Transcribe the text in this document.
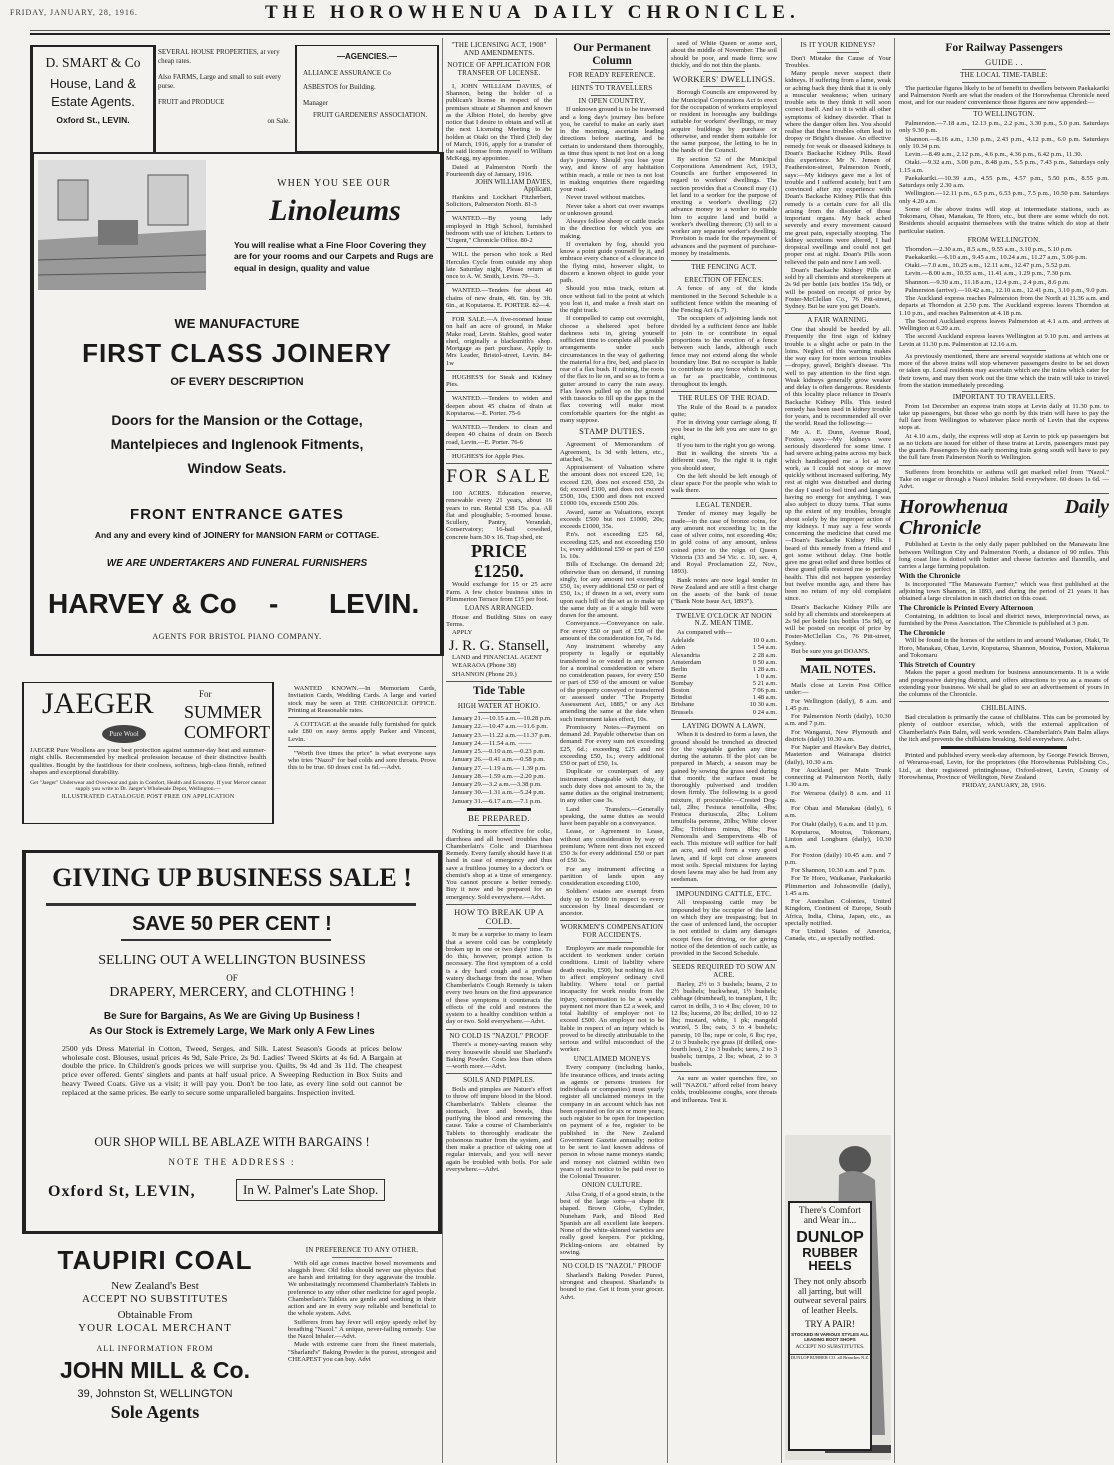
FRIDAY, JANUARY, 28, 1916.	THE HOROWHENUA DAILY CHRONICLE.
D. SMART & Co
House, Land &
Estate Agents.
Oxford St., LEVIN.
SEVERAL HOUSE PROPERTIES, at very cheap rates.
Also FARMS, Large and small to suit every purse.
FRUIT and PRODUCE
on Sale.
—AGENCIES.—
ALLIANCE ASSURANCE Co
ASBESTOS for Building.
Manager
FRUIT GARDENERS' ASSOCIATION.
WHEN YOU SEE OUR
Linoleums
You will realise what a Fine Floor Covering they are for your rooms and our Carpets and Rugs are equal in design, quality and value
WE MANUFACTURE
FIRST CLASS JOINERY
OF EVERY DESCRIPTION
Doors for the Mansion or the Cottage,
Mantelpieces and Inglenook Fitments,
Window Seats.
FRONT ENTRANCE GATES
And any and every kind of JOINERY for MANSION FARM or COTTAGE.
WE ARE UNDERTAKERS AND FUNERAL FURNISHERS
HARVEY & Co - LEVIN.
AGENTS FOR BRISTOL PIANO COMPANY.
JAEGER
Pure Wool
For
SUMMER
COMFORT
JAEGER Pure Woollens are your best protection against summer-day heat and summer-night chills. Recommended by medical profession because of their distinctive health qualities. Bought by the fastidious for their coolness, softness, high-class finish, refined shapes and exceptional durability.
Get "Jaeger" Underwear and Overwear and gain in Comfort, Health and Economy. If your Mercer cannot supply you write to Dr. Jaeger's Wholesale Depot, Wellington.—
ILLUSTRATED CATALOGUE POST FREE ON APPLICATION
WANTED KNOWN.—In Memoriam Cards, Invitation Cards, Wedding Cards. A large and varied stock may be seen at THE CHRONICLE OFFICE. Printing at Reasonable rates.
A COTTAGE at the seaside fully furnished for quick sale £80 on easy terms apply Parker and Vincent, Levin.
"Worth five times the price" is what everyone says who tries "Nazol" for bad colds and sore throats. Prove this to be true. 60 doses cost 1s 6d.—Advt.
GIVING UP BUSINESS SALE !
SAVE 50 PER CENT !
SELLING OUT A WELLINGTON BUSINESS
OF
DRAPERY, MERCERY, and CLOTHING !
Be Sure for Bargains, As We are Giving Up Business !
As Our Stock is Extremely Large, We Mark only A Few Lines
2500 yds Dress Material in Cotton, Tweed, Serges, and Silk. Latest Season's Goods at prices below wholesale cost. Blouses, usual prices 4s 9d, Sale Price, 2s 9d. Ladies' Tweed Skirts at 4s 6d. A Bargain at double the price. In Children's goods prices we will surprise you. Quilts, 9s 4d and 3s 11d. The cheapest price ever offered. Gents' singlets and pants at half usual price. A Sweeping Reduction in Box Suits and heavy Tweed Coats. Give us a visit; it will pay you. Don't be too late, as every line sold out cannot be replaced at the same prices. Be early to secure some unparalleled bargains. Inspection invited.
OUR SHOP WILL BE ABLAZE WITH BARGAINS !
NOTE THE ADDRESS :
Oxford St, LEVIN,	In W. Palmer's Late Shop.
TAUPIRI COAL
New Zealand's Best
ACCEPT NO SUBSTITUTES
Obtainable From
YOUR LOCAL MERCHANT
ALL INFORMATION FROM
JOHN MILL & Co.
39, Johnston St, WELLINGTON
Sole Agents
IN PREFERENCE TO ANY OTHER.
With old age comes inactive bowel movements and sluggish liver. Old folks should never use physics that are harsh and irritating for they aggravate the trouble. We unhesitatingly recommend Chamberlain's Tablets in preference to any other other medicine for aged people. Chamberlain's Tablets are gentle and soothing in their action and are in every way reliable and beneficial to the whole system. Advt.
Sufferers from hay fever will enjoy speedy relief by breathing "Nazol." A unique, never-failing remedy. Use the Nazol Inhaler.—Advt.
Made with extreme care from the finest materials, "Sharland's" Baking Powder is the purest, strongest and CHEAPEST you can buy. Advt
"THE LICENSING ACT, 1908" AND AMENDMENTS.
NOTICE OF APPLICATION FOR TRANSFER OF LICENSE.
I, JOHN WILLIAM DAVIES, of Shannon, being the holder of a publican's license in respect of the premises situate at Shannon and known as the Albion Hotel, do hereby give notice that I desire to obtain and will at the next Licensing Meeting to be holden at Otaki on the Third (3rd) day of March, 1916, apply for a transfer of the said license from myself to William McKegg, my appointee.
Dated at Palmerston North the Fourteenth day of January, 1916.
JOHN WILLIAM DAVIES, Applicant.
Hankins and Lockhart Fitzherbert, Solicitors, Palmerston North. 81-3
WANTED.—By young lady employed in High School, furnished bedroom with use of kitchen. Letters to "Urgent," Chronicle Office. 80-2
WILL the person who took a Red Hercules Cycle from outside my shop late Saturday night, Please return at once to A. W. Smith, Levin. 79—3.
WANTED.—Tenders for about 40 chains of new drain, 4ft. 6in. by 3ft. 6in., at Koputaroa. E. PORTER. 82—4.
FOR SALE.—A five-roomed house on half an acre of ground, in Make Make road, Levin. Stables, good water shed, originally a blacksmith's shop. Mortgage as part purchase. Apply to Mrs Leader, Bristol-street, Levin. 84-1w
HUGHES'S for Steak and Kidney Pies.
WANTED.—Tenders to widen and deepen about 45 chains of drain at Koputaroa.—E. Porter. 75-6
WANTED.—Tenders to clean and deepen 40 chains of drain on Beech road, Levin.—E. Porter. 76-6
HUGHES'S for Apple Pies.
FOR SALE
100 ACRES. Education reserve, renewable every 21 years, about 16 years to run. Rental £38 15s. p.a. All flat and ploughable; 5-roomed house. Scullery, Pantry, Verandah, Conservatory; 16-bail cowshed, concrete barn 30 x 16. Trap shed, etc
PRICE £1250.
Would exchange for 15 or 25 acre Farm. A few choice business sites in Plimmerton Terrace from £15 per foot.
LOANS ARRANGED.
House and Building Sites on easy Terms.
APPLY
J. R. G. Stansell,
LAND and FINANCIAL AGENT
WEARAOA (Phone 38)
SHANNON (Phone 29.)
Tide Table
HIGH WATER AT HOKIO.
January 21.—10.15 a.m.—10.28 p.m.
January 22.—10.47 a.m.—11.6 p.m.
January 23.—11.22 a.m.—11.37 p.m.
January 24.—11.54 a.m. ——
January 25.—0.10 a.m.—0.23 p.m.
January 26.—0.41 a.m.—0.58 p.m.
January 27.—1.19 a.m.— 1.39 p.m.
January 28.—1.59 a.m.—2.20 p.m.
January 29.—3.2 a.m.—3.38 p.m.
January 30.—1.31 a.m.—5.24 p.m.
January 31.—6.17 a.m.—7.1 p.m.
BE PREPARED.
Nothing is more effective for colic, diarrhoea and all bowel troubles than Chamberlain's Colic and Diarrhoea Remedy. Every family should have it at hand in case of emergency and thus save a fruitless journey to a doctor's or chemist's shop at a time of emergency. You cannot procure a better remedy. Buy it now and be prepared for an emergency. Sold everywhere.—Advt.
HOW TO BREAK UP A COLD.
It may be a surprise to many to learn that a severe cold can be completely broken up in one or two days' time. To do this, however, prompt action is necessary. The first symptom of a cold is a dry hard cough and a profuse watery discharge from the nose. When Chamberlain's Cough Remedy is taken every two hours on the first appearance of these symptoms it counteracts the effects of the cold and restores the system to a healthy condition within a day or two. Sold everywhere.—Advt.
NO COLD IS "NAZOL" PROOF
There's a money-saving reason why every housewife should use Sharland's Baking Powder. Costs less than others—worth more.—Advt.
SOILS AND PIMPLES.
Boils and pimples are Nature's effort to throw off impure blood in the blood. Chamberlain's Tablets cleanse the stomach, liver and bowels, thus purifying the blood and removing the cause. Take a course of Chamberlain's Tablets to thoroughly eradicate the poisonous matter from the system, and then make a practice of taking one at regular intervals, and you will never again be troubled with boils. For sale everywhere.—Advt.
Our Permanent Column
FOR READY REFERENCE.
HINTS TO TRAVELLERS
IN OPEN COUNTRY.
If unknown ground is to be traversed and a long day's journey lies before you, be careful to make an early start in the morning, ascertain leading directions before starting, and be certain to understand them thoroughly, as time thus spent is not lost on a long day's journey. Should you lose your way, and know of any habitation within reach, a mile or two is not lost in making enquiries there regarding your road.
Never travel without matches.
Never take a short cut over swamps or unknown ground.
Always follow sheep or cattle tracks in the direction for which you are making.
If overtaken by fog, should you know a point guide yourself by it, and embrace every chance of a clearance in the flying mist, however slight, to discern a known object to guide your path.
Should you miss track, return at once without fail to the point at which you lost it, and make a fresh start on the right track.
If compelled to camp out overnight, choose a sheltered spot before darkness sets in, giving yourself sufficient time to complete all possible arrangements under such circumstances in the way of gathering the material for a fire, bed, and place in rear of a flax bush. If raining, the roots of the flax to lie on, and so as to form a gutter around to carry the rain away. Flax leaves pulled up on the ground with tussocks to fill up the gaps in the flax covering will make most comfortable quarters for the night as many suppose.
STAMP DUTIES.
Agreement of Memorandum of Agreement, 1s 3d with letters, etc., attached, 3s.
Appraisement of Valuation where the amount does not exceed £20, 1s; exceed £20, does not exceed £50, 2s 6d; exceed £100, and does not exceed £500, 10s, £300 and does not exceed £1000 10s, exceeds £500 20s.
Award, same as Valuations, except exceeds £500 but not £1000, 20s; exceeds £1000, 35s.
P.n's. not exceeding £25 6d, exceeding £25, and not exceeding £50 1s, every additional £50 or part of £50 1s. 10s.
Bills of Exchange. On demand 2d; otherwise than on demand, if running singly, for any amount not exceeding £50, 1s; every additional £50 or part of £50, 1s.; if drawn in a set, every sum upon each bill of the set as to make up the same duty as if a single bill were drawn for the amount.
Conveyance.—Conveyance on sale. For every £50 or part of £50 of the amount of the consideration for, 7s 6d.
Any instrument whereby any property is legally or equitably transferred to or vested in any person for a nominal consideration or where no consideration passes, for every £50 or part of £50 of the amount or value of the property conveyed or transferred or assessed under "The Property Assessment Act, 1885," or any Act amending the same at the date when such instrument takes effect, 10s.
Promissory Notes.—Payment on demand 2d. Payable otherwise than on demand: For every sum not exceeding £25, 6d.; exceeding £25 and not exceeding £50, 1s.; every additional £50 or part of £50, 1s.
Duplicate or counterpart of any instrument chargeable with duty, if such duty does not amount to 3s, the same duties as the original instrument; in any other case 3s.
Land Transfers.—Generally speaking, the same duties as would have been payable on a conveyance.
Lease, or Agreement to Lease, without any consideration by way of premium; Where rent does not exceed £50 3s for every additional £50 or part of £50 3s.
For any instrument affecting a partition of lands upon any consideration exceeding £100,
Soldiers' estates are exempt from duty up to £5000 in respect to every succession by lineal descendant or ancestor.
WORKMEN'S COMPENSATION FOR ACCIDENTS.
Employers are made responsible for accident to workmen under certain conditions. Limit of liability where death results, £500, but nothing in Act to affect employers' ordinary civil liability. Where total or partial incapacity for work results from the injury, compensation to be a weekly payment not more than £2 a week, and total liability of employer not to exceed £500. An employer not to be liable in respect of an injury which is proved to be directly attributable to the serious and wilful misconduct of the worker.
UNCLAIMED MONEYS
Every company (including banks, life insurance offices, and trusts acting as agents or persons trustees for individuals or companies) must yearly register all unclaimed moneys in the company in an account which has not been operated on for six or more years; such register to be open for inspection on payment of a fee, register to be published in the New Zealand Government Gazette annually; notice to be sent to last known address of person in whose name moneys stands; and money not claimed within two years of such notice to be paid over to the Colonial Treasurer.
ONION CULTURE.
Ailsa Craig, if of a good strain, is the best of the large sorts—a shape fit shaped. Brown Globe, Cylinder, Nuneham Park, and Blood Red Spanish are all excellent late keepers. None of the white-skinned varieties are really good keepers. For pickling, Pickling-onions are obtained by sowing.
NO COLD IS "NAZOL" PROOF
Sharland's Baking Powder. Purest, strongest and cheapest. Sharland's is bound to rise. Get it from your grocer. Advt.
seed of White Queen or some sort, about the middle of November. The soil should be poor, and made firm; sow thickly, and do not thin the plants.
WORKERS' DWELLINGS.
Borough Councils are empowered by the Municipal Corporations Act to erect for the occupation of workers employed or resident in boroughs any buildings suitable for workers' dwellings, or may acquire buildings by purchase or otherwise, and render them suitable for the same purpose, the letting to be in the hands of the Council.
By section 52 of the Municipal Corporations Amendment Act, 1913, Councils are further empowered in regard to workers' dwellings. The section provides that a Council may (1) let land to a worker for the purpose of erecting a worker's dwelling; (2) advance money to a worker to enable him to acquire land and build a worker's dwelling thereon; (3) sell to a worker any separate worker's dwelling. Provision is made for the repayment of advances and the payment of purchase-money by instalments.
THE FENCING ACT.
ERECTION OF FENCES.
A fence of any of the kinds mentioned in the Second Schedule is a sufficient fence within the meaning of the Fencing Act (s.7).
The occupiers of adjoining lands not divided by a sufficient fence are liable to join in or contribute in equal proportions to the erection of a fence between such lands, although such fence may not extend along the whole boundary line. But no occupier is liable to contribute to any fence which is not, as far as practicable, continuous throughout its length.
THE RULES OF THE ROAD.
The Rule of the Road is a paradox quite;
For in driving your carriage along, If you bear to the left you are sure to go right,
If you turn to the right you go wrong.
But in walking the streets 'tis a different case, To the right it is right you should steer,
On the left should be left enough of clear space For the people who wish to walk there.
LEGAL TENDER.
Tender of money may legally be made—in the case of bronze coins, for any amount not exceeding 1s; in the case of silver coins, not exceeding 40s; in gold coins of any amount, unless coined prior to the reign of Queen Victoria (33 and 34 Vic. c. 10, sec. 4, and Royal Proclamation 22, Nov., 1893).
Bank notes are now legal tender in New Zealand and are still a first charge on the assets of the bank of issue ("Bank Note Issue Act, 1893").
TWELVE O'CLOCK AT NOON N.Z. MEAN TIME.
As compared with—
Adelaide	10 0 a.m.
Aden	1 54 a.m.
Alexandria	2 28 a.m.
Amsterdam	0 50 a.m.
Berlin	1 28 a.m.
Berne	1 0 a.m.
Bombay	5 21 a.m.
Boston	7 06 p.m.
Brindisi	1 48 a.m.
Brisbane	10 30 a.m.
Brussels	0 24 a.m.
LAYING DOWN A LAWN.
When it is desired to form a lawn, the ground should be trenched as directed for the vegetable garden any time during the autumn. If the plot can be prepared in March, a season may be gained by sowing the grass seed during that month; the surface must be thoroughly pulverised and trodden down firmly. The following is a good mixture, if procurable:—Crested Dog-tail, 2lbs; Festuca tenuifolia, 4lbs; Festuca duriuscula, 2lbs; Lolium tenuifolia perenne, 20lbs; White clover 2lbs; Trifolium minus, 8lbs; Poa Nemoralis and Sempervirens 4lb of each. This mixture will suffice for half an acre, and will form a very good lawn, and if kept cut close answers most soils. Special mixtures for laying down lawns may also be had from any seedsman.
IMPOUNDING CATTLE, ETC.
All trespassing cattle may be impounded by the occupier of the land on which they are trespassing; but in the case of unfenced land, the occupier is not entitled to claim any damages except fees for driving, or for giving notice of the detention of such cattle, as provided in the Second Schedule.
SEEDS REQUIRED TO SOW AN ACRE.
Barley, 2½ to 3 bushels; beans, 2 to 2½ bushels; buckwheat, 1½ bushels; cabbage (drumhead), to transplant, 1 lb; carrot in drills, 3 to 4 lbs; clover, 10 to 12 lbs; lucerne, 20 lbs; drilled, 10 to 12 lbs; mustard, white, 1 pk; mangold wurzel, 5 lbs; oats, 3 to 4 bushels; parsnip, 10 lbs; rape or cole, 6 lbs; rye, 2 to 3 bushels; rye grass (if drilled, one-fourth less), 2 to 3 bushels; tares, 2 to 3 bushels; turnips, 2 lbs; wheat, 2 to 3 bushels.
As sure as water quenches fire, so will "NAZOL" afford relief from heavy colds, troublesome coughs, sore throats and influenza. Test it.
IS IT YOUR KIDNEYS?
Don't Mistake the Cause of Your Troubles.
Many people never suspect their kidneys. If suffering from a lame, weak or aching back they think that it is only a muscular weakness; when urinary trouble sets in they think it will soon correct itself. And so it is with all other symptoms of kidney disorder. That is where the danger often lies. You should realise that these troubles often lead to dropsy or Bright's disease. An effective remedy for weak or diseased kidneys is Doan's Backache Kidney Pills. Read this experience. Mr N. Jensen of Featherston-street, Palmerston North, says:—My kidneys gave me a lot of trouble and I suffered acutely, but I am convinced after my experience with Doan's Backache Kidney Pills that this remedy is a certain cure for all ills arising from the disorder of those important organs. My back ached severely and every movement caused me great pain, especially stooping. The kidney secretions were altered, I had dropsical swellings and could not get proper rest at night. Doan's Pills soon relieved the pain and now I am well.
Doan's Backache Kidney Pills are sold by all chemists and storekeepers at 2s 9d per bottle (six bottles 15s 9d), or will be posted on receipt of price by Foster-McClellan Co., 76 Pitt-street, Sydney. But be sure you get Doan's.
A FAIR WARNING.
One that should be heeded by all. Frequently the first sign of kidney trouble is a slight ache or pain in the loins. Neglect of this warning makes the way easy for more serious troubles—dropsy, gravel, Bright's disease. 'Tis well to pay attention to the first sign. Weak kidneys generally grow weaker and delay is often dangerous. Residents of this locality place reliance in Doan's Backache Kidney Pills. This tested remedy has been used in kidney trouble for years, and is recommended all over the world. Read the following:—
Mr A. E. Dunn, Avenue Road, Foxton, says:—My kidneys were seriously disordered for some time. I had severe aching pains across my back which handicapped me a lot at my work, as I could not stoop or move quickly without increased suffering. My rest at night was disturbed and during the day I used to feel tired and languid, having no energy for anything. I was also subject to dizzy turns. That sums up the extent of my troubles, brought about solely by the improper action of my kidneys. I may say a few words concerning the medicine that cured me—Doan's Backache Kidney Pills. I heard of this remedy from a friend and got some without delay. One bottle gave me great relief and three bottles of these grand pills restored me to perfect health. This did not happen yesterday but twelve months ago, and there has been no return of my old complaint since.
Doan's Backache Kidney Pills are sold by all chemists and storekeepers at 2s 9d per bottle (six bottles 15s 9d), or will be posted on receipt of price by Foster-McClellan Co., 76 Pitt-street, Sydney.
But be sure you get DOAN'S.
MAIL NOTES.
Mails close at Levin Post Office under:—
For Wellington (daily), 8 a.m. and 1.45 p.m.
For Palmerston North (daily), 10.30 a.m. and 7 p.m.
For Wanganui, New Plymouth and districts (daily) 10.30 a.m.
For Napier and Hawke's Bay district, Masterton and Wairarapa district (daily), 10.30 a.m.
For Auckland, per Main Trunk connecting at Palmerston North, daily 1.30 a.m.
For Weraroa (daily) 8 a.m. and 11 a.m.
For Ohau and Manakau (daily), 6 a.m.
For Otaki (daily), 6 a.m. and 11 p.m.
Koputaroa, Moutoa, Tokomaru, Linton and Longburn (daily), 10.30 a.m.
For Foxton (daily) 10.45 a.m. and 7 p.m.
For Shannon, 10.30 a.m. and 7 p.m.
For Te Horo, Waikanae, Paekakariki Plimmerton and Johnsonville (daily), 1.45 a.m.
For Australian Colonies, United Kingdom, Continent of Europe, South Africa, India, China, Japan, etc., as specially notified.
For United States of America, Canada, etc., as specially notified.
For Railway Passengers
GUIDE . .
THE LOCAL TIME-TABLE:
The particular figures likely to be of benefit to dwellers between Paekakariki and Palmerston North are what the readers of the Horowhenua Chronicle need most, and for our readers' convenience those figures are now appended:—
TO WELLINGTON.
Palmerston.—7.18 a.m., 12.13 p.m., 2.2 p.m., 3.30 p.m., 5.0 p.m. Saturdays only 9.30 p.m.
Shannon.—8.16 a.m., 1.30 p.m., 2.43 p.m., 4.12 p.m., 6.0 p.m. Saturdays only 10.34 p.m.
Levin.—8.49 a.m., 2.12 p.m., 4.6 p.m., 4.36 p.m., 6.42 p.m., 11.30.
Otaki.—9.32 a.m., 3.00 p.m., 8.48 p.m., 5.5 p.m., 7.43 p.m., Saturdays only 1.15 a.m.
Paekakariki.—10.39 a.m., 4.55 p.m., 4.57 p.m., 5.50 p.m., 8.55 p.m. Saturdays only 2.30 a.m.
Wellington.—12.11 p.m., 6.5 p.m., 6.53 p.m., 7.5 p.m., 10.50 p.m. Saturdays only 4.20 a.m.
Some of the above trains will stop at intermediate stations, such as Tokomaru, Ohau, Manakau, Te Horo, etc., but there are some which do not. Residents should acquaint themselves with the trains which do stop at their particular station.
FROM WELLINGTON.
Thorndon.—2.30 a.m., 8.5 a.m., 9.55 a.m., 3.10 p.m., 5.10 p.m.
Paekakariki.—6.10 a.m., 9.45 a.m., 10.24 a.m., 11.27 a.m., 5.06 p.m.
Otaki.—7.0 a.m., 10.25 a.m., 12.11 a.m., 12.47 p.m., 5.52 p.m.
Levin.—8.00 a.m., 10.55 a.m., 11.41 a.m., 1.29 p.m., 7.30 p.m.
Shannon.—9.30 a.m., 11.18 a.m., 12.4 p.m., 2.4 p.m., 8.6 p.m.
Palmerston (arrive).—10.42 a.m., 12.10 a.m., 12.41 p.m., 3.10 p.m., 9.0 p.m.
The Auckland express reaches Palmerston from the North at 11.36 a.m. and departs at Thorndon at 2.50 p.m. The Auckland express leaves Thorndon at 1.10 p.m., and reaches Palmerston at 4.18 p.m.
The Second Auckland express leaves Palmerston at 4.1 a.m. and arrives at Wellington at 6.20 a.m.
The second Auckland express leaves Wellington at 9.10 p.m. and arrives at Levin at 11.30 p.m. Palmerston at 12.16 a.m.
As previously mentioned, there are several wayside stations at which one or more of the above trains will stop whenever passengers desire to be set down or taken up. Local residents may ascertain which are the trains which cater for their towns, and may then work out the time which the train will take to travel from the station immediately preceding.
IMPORTANT TO TRAVELLERS.
From 1st December an express train stops at Levin daily at 11.30 p.m. to take up passengers, but those who go north by this train will have to pay the full fare from Wellington to whatever place north of Levin that the express stops at.
At 4.10 a.m., daily, the express will stop at Levin to pick up passengers but as no tickets are issued for either of these trains at Levin, passengers must pay the guards. Passengers by this early morning train going south will have to pay the full fare from Palmerston North to Wellington.
Sufferers from bronchitis or asthma will get marked relief from "Nazol." Take on sugar or through a Nazol inhaler. Sold everywhere. 60 doses 1s 6d. —Advt.
Horowhenua Daily Chronicle
Published at Levin is the only daily paper published on the Manawatu line between Wellington City and Palmerston North, a distance of 90 miles. This long coast line is dotted with butter and cheese factories and flaxmills, and carries a large farming population.
With the Chronicle
Is incorporated "The Manawatu Farmer," which was first published at the adjoining town Shannon, in 1893, and during the period of 21 years it has obtained a large circulation in each district on this coast.
The Chronicle is Printed Every Afternoon
Containing, in addition to local and district news, interprovincial news, as furnished by the Press Association. The Chronicle is published at 3 p.m.
The Chronicle
Will be found in the homes of the settlers in and around Waikanae, Otaki, Te Horo, Manakau, Ohau, Levin, Koputaroa, Shannon, Moutoa, Foxton, Makerua and Tokomaru
This Stretch of Country
Makes the paper a good medium for business announcements. It is a wide and progressive dairying district, and offers attractions to you as a means of extending your business. We shall be glad to see an advertisement of yours in the columns of the Chronicle.
CHILBLAINS.
Bad circulation is primarily the cause of chilblains. This can be promoted by plenty of outdoor exercise, which, with the external application of Chamberlain's Pain Balm, will work wonders. Chamberlain's Pain Balm allays the itch and prevents the chilblains breaking. Sold everywhere. Advt.
Printed and published every week-day afternoon, by George Fewick Brown, of Weraroa-road, Levin, for the proprietors (the Horowhenua Publishing Co., Ltd., at their registered printinghouse, Oxford-street, Levin, County of Horowhenua, Province of Wellington, New Zealand
FRIDAY, JANUARY, 28, 1916.
There's Comfort
and Wear in...
DUNLOP
RUBBER
HEELS
They not only absorb all jarring, but will outwear several pairs of leather Heels.
TRY A PAIR!
STOCKED IN VARIOUS STYLES ALL LEADING BOOT SHOPS
ACCEPT NO SUBSTITUTES.
DUNLOP RUBBER CO. all Branches N.Z.
